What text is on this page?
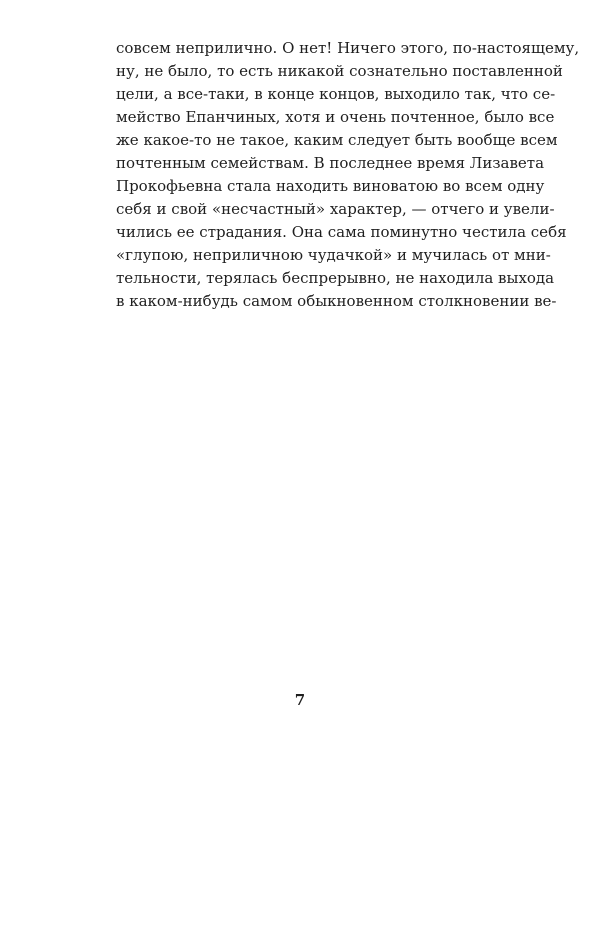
совсем неприлично. О нет! Ничего этого, по-настоящему,
ну, не было, то есть никакой сознательно поставленной
цели, а все-таки, в конце концов, выходило так, что се-
мейство Епанчиных, хотя и очень почтенное, было все
же какое-то не такое, каким следует быть вообще всем
почтенным семействам. В последнее время Лизавета
Прокофьевна стала находить виноватою во всем одну
себя и свой «несчастный» характер, — отчего и увели-
чились ее страдания. Она сама поминутно честила себя
«глупою, неприличною чудачкой» и мучилась от мни-
тельности, терялась беспрерывно, не находила выхода
в каком-нибудь самом обыкновенном столкновении ве-
7
